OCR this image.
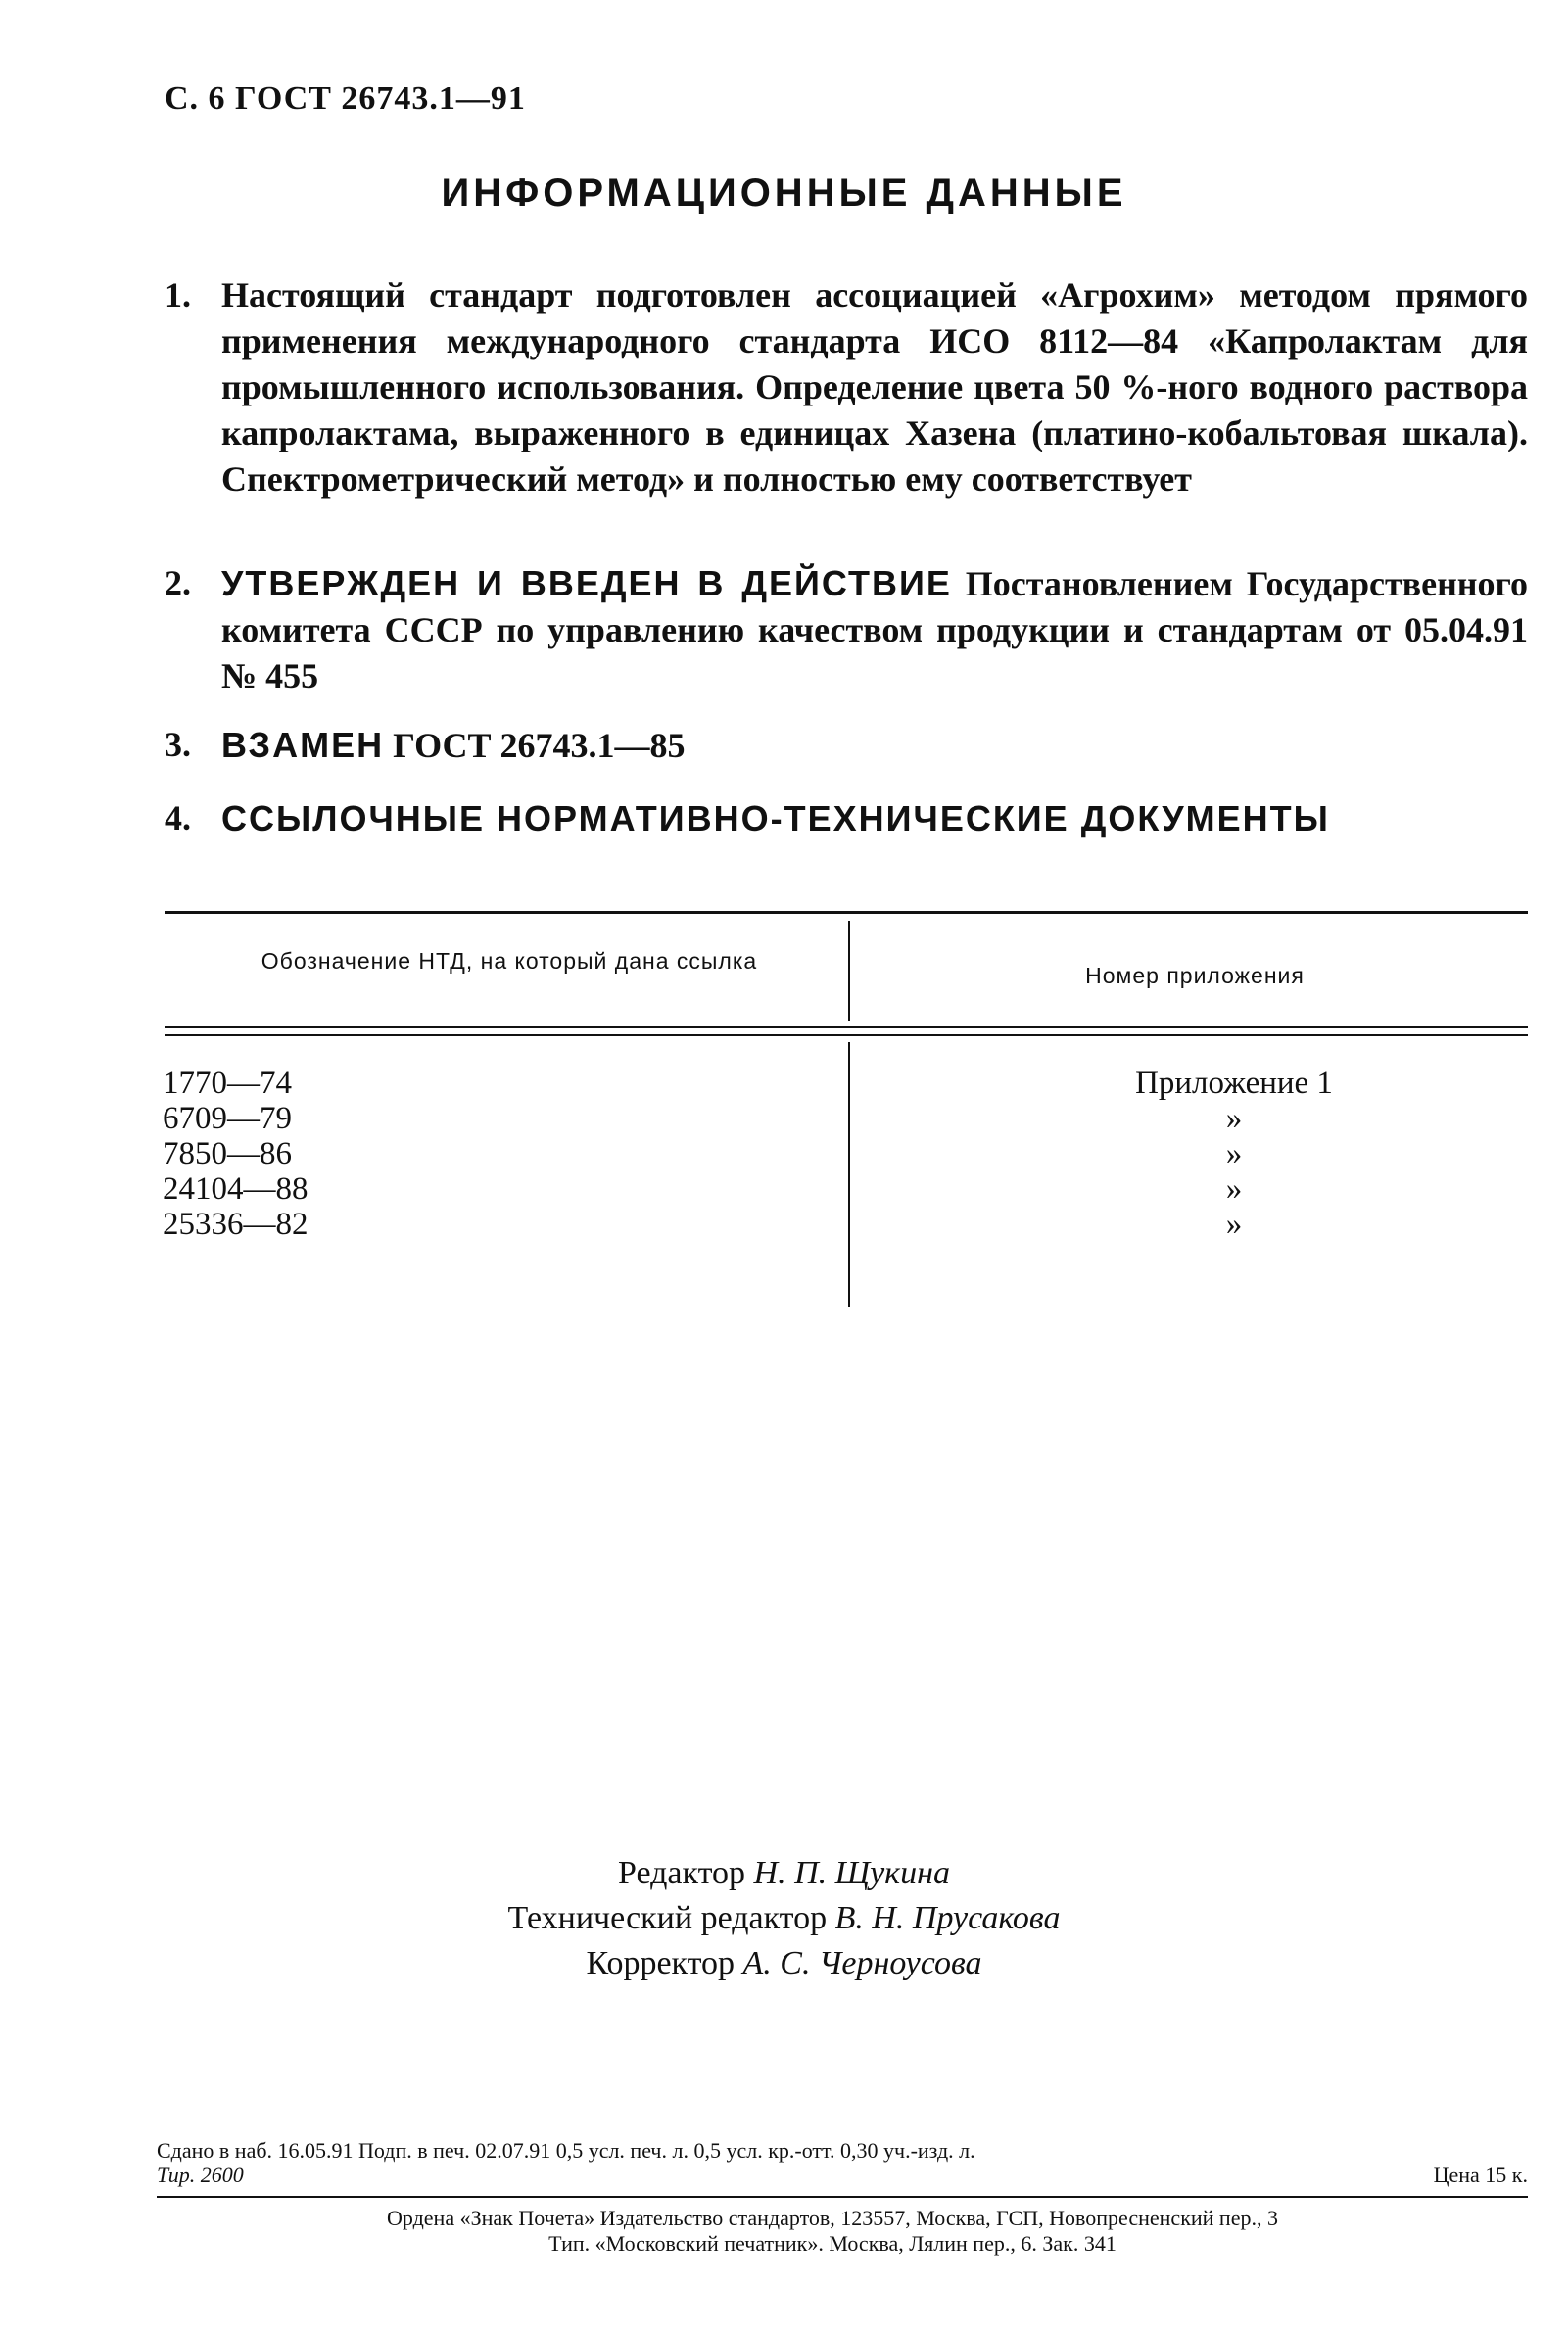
С. 6 ГОСТ 26743.1—91
ИНФОРМАЦИОННЫЕ ДАННЫЕ
1. Настоящий стандарт подготовлен ассоциацией «Агрохим» методом прямого применения международного стандарта ИСО 8112—84 «Капролактам для промышленного использования. Определение цвета 50 %-ного водного раствора капролактама, выраженного в единицах Хазена (платино-кобальтовая шкала). Спектрометрический метод» и полностью ему соответствует
2. УТВЕРЖДЕН И ВВЕДЕН В ДЕЙСТВИЕ Постановлением Государственного комитета СССР по управлению качеством продукции и стандартам от 05.04.91 № 455
3. ВЗАМЕН ГОСТ 26743.1—85
4. ССЫЛОЧНЫЕ НОРМАТИВНО-ТЕХНИЧЕСКИЕ ДОКУМЕНТЫ
Обозначение НТД, на который дана ссылка
Номер приложения
1770—74
6709—79
7850—86
24104—88
25336—82
Приложение 1
»
»
»
»
Редактор Н. П. Щукина
Технический редактор В. Н. Прусакова
Корректор А. С. Черноусова
Сдано в наб. 16.05.91 Подп. в печ. 02.07.91 0,5 усл. печ. л. 0,5 усл. кр.-отт. 0,30 уч.-изд. л.
Тир. 2600	Цена 15 к.
Ордена «Знак Почета» Издательство стандартов, 123557, Москва, ГСП, Новопресненский пер., 3
Тип. «Московский печатник». Москва, Лялин пер., 6. Зак. 341
